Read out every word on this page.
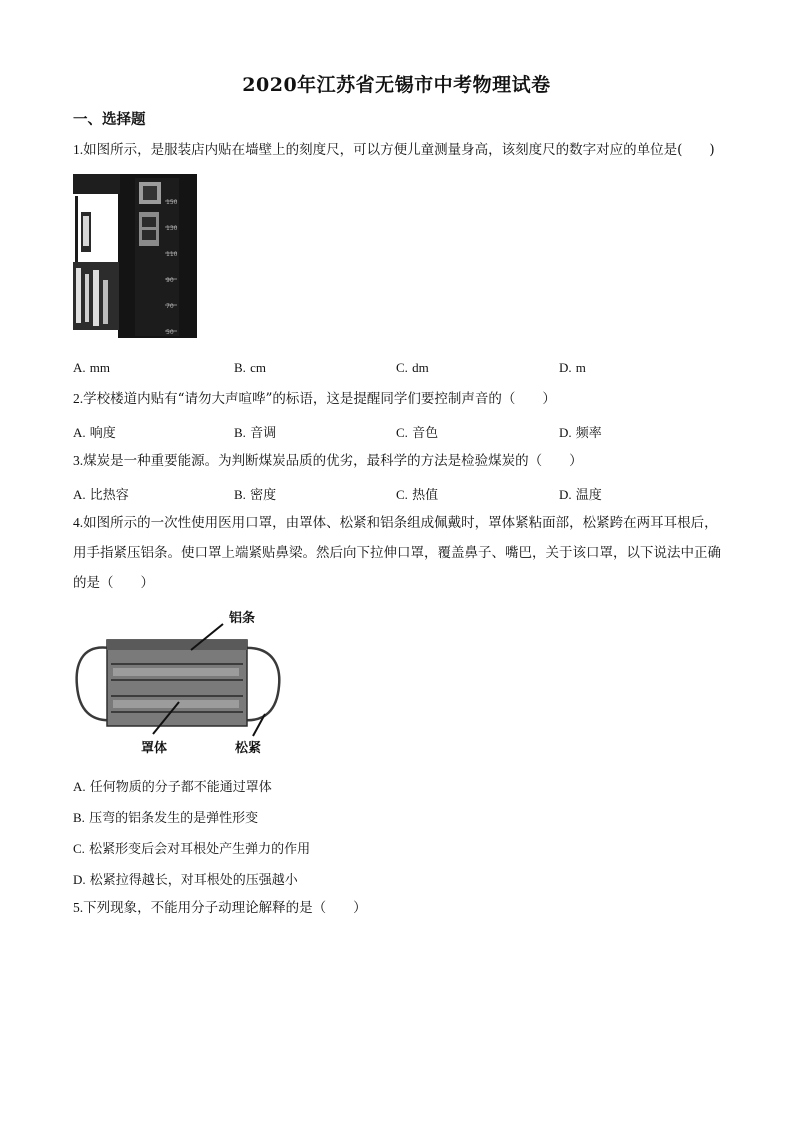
2020年江苏省无锡市中考物理试卷
一、选择题
1.如图所示，是服装店内贴在墙壁上的刻度尺，可以方便儿童测量身高，该刻度尺的数字对应的单位是(　　)
150
130
110
90
70
50
A. mm	B. cm	C. dm	D. m
2.学校楼道内贴有“请勿大声喧哗”的标语，这是提醒同学们要控制声音的（　　）
A. 响度	B. 音调	C. 音色	D. 频率
3.煤炭是一种重要能源。为判断煤炭品质的优劣，最科学的方法是检验煤炭的（　　）
A. 比热容	B. 密度	C. 热值	D. 温度
4.如图所示的一次性使用医用口罩，由罩体、松紧和铝条组成佩戴时，罩体紧粘面部，松紧跨在两耳耳根后，用手指紧压铝条。使口罩上端紧贴鼻梁。然后向下拉伸口罩，覆盖鼻子、嘴巴，关于该口罩，以下说法中正确的是（　　）
铝条
罩体	松紧
A. 任何物质的分子都不能通过罩体
B. 压弯的铝条发生的是弹性形变
C. 松紧形变后会对耳根处产生弹力的作用
D. 松紧拉得越长，对耳根处的压强越小
5.下列现象，不能用分子动理论解释的是（　　）
